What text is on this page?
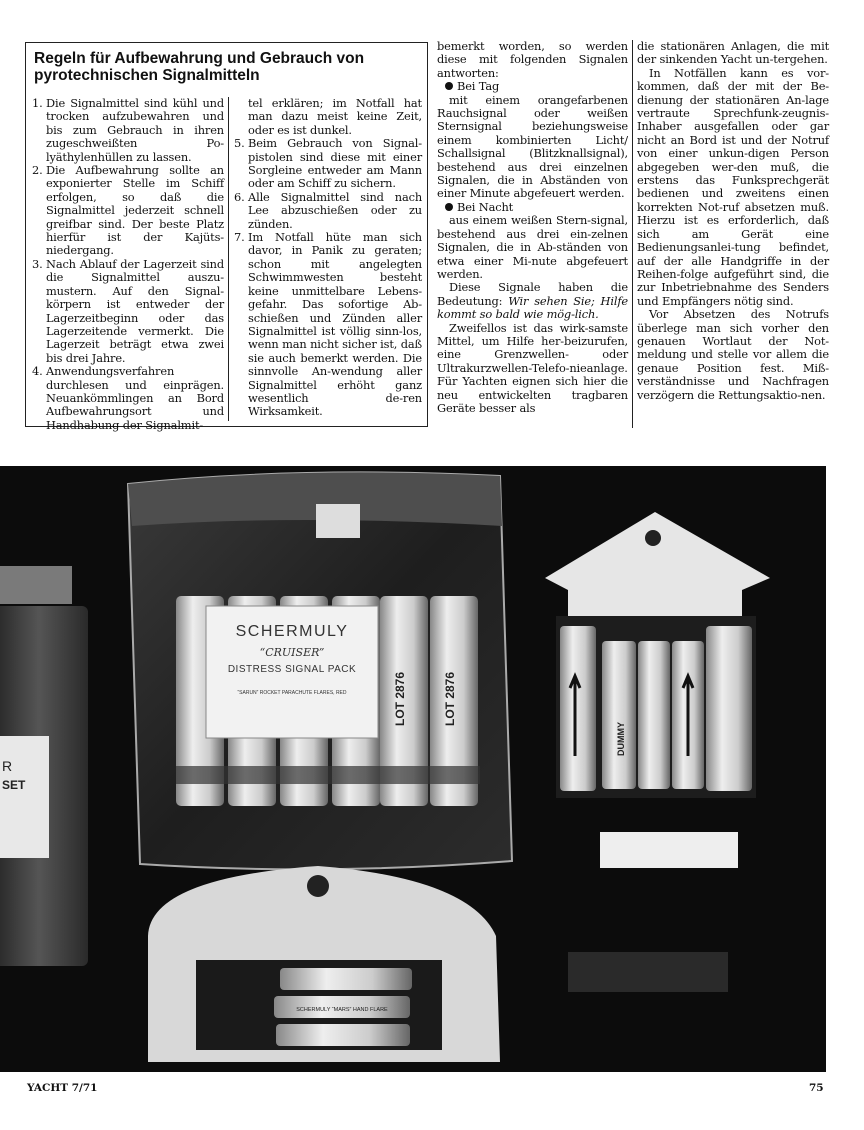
Regeln für Aufbewahrung und Gebrauch von pyrotechnischen Signalmitteln
1. Die Signalmittel sind kühl und trocken aufzubewahren und bis zum Gebrauch in ihren zugeschweißten Po-lyäthylenhüllen zu lassen.
2. Die Aufbewahrung sollte an exponierter Stelle im Schiff erfolgen, so daß die Signalmittel jederzeit schnell greifbar sind. Der beste Platz hierfür ist der Kajüts-niedergang.
3. Nach Ablauf der Lagerzeit sind die Signalmittel auszu-mustern. Auf den Signal-körpern ist entweder der Lagerzeitbeginn oder das Lagerzeitende vermerkt. Die Lagerzeit beträgt etwa zwei bis drei Jahre.
4. Anwendungsverfahren durchlesen und einprägen. Neuankömmlingen an Bord Aufbewahrungsort und Handhabung der Signalmit-

tel erklären; im Notfall hat man dazu meist keine Zeit, oder es ist dunkel.

5. Beim Gebrauch von Signal-pistolen sind diese mit einer Sorgleine entweder am Mann oder am Schiff zu sichern.
6. Alle Signalmittel sind nach Lee abzuschießen oder zu zünden.
7. Im Notfall hüte man sich davor, in Panik zu geraten; schon mit angelegten Schwimmwesten besteht keine unmittelbare Lebens-gefahr. Das sofortige Ab-schießen und Zünden aller Signalmittel ist völlig sinn-los, wenn man nicht sicher ist, daß sie auch bemerkt werden. Die sinnvolle An-wendung aller Signalmittel erhöht ganz wesentlich de-ren Wirksamkeit.

bemerkt worden, so werden diese mit folgenden Signalen antworten:

Bei Tag

mit einem orangefarbenen Rauchsignal oder weißen Sternsignal beziehungsweise einem kombinierten Licht/ Schallsignal (Blitzknallsignal), bestehend aus drei einzelnen Signalen, die in Abständen von einer Minute abgefeuert werden.

Bei Nacht

aus einem weißen Stern-signal, bestehend aus drei ein-zelnen Signalen, die in Ab-ständen von etwa einer Mi-nute abgefeuert werden.

Diese Signale haben die Bedeutung: Wir sehen Sie; Hilfe kommt so bald wie mög-lich.

Zweifellos ist das wirk-samste Mittel, um Hilfe her-beizurufen, eine Grenzwellen- oder Ultrakurzwellen-Telefo-nieanlage. Für Yachten eignen sich hier die neu entwickelten tragbaren Geräte besser als

die stationären Anlagen, die mit der sinkenden Yacht un-tergehen.

In Notfällen kann es vor-kommen, daß der mit der Be-dienung der stationären An-lage vertraute Sprechfunk-zeugnis-Inhaber ausgefallen oder gar nicht an Bord ist und der Notruf von einer unkun-digen Person abgegeben wer-den muß, die erstens das Funksprechgerät bedienen und zweitens einen korrekten Not-ruf absetzen muß. Hierzu ist es erforderlich, daß sich am Gerät eine Bedienungsanlei-tung befindet, auf der alle Handgriffe in der Reihen-folge aufgeführt sind, die zur Inbetriebnahme des Senders und Empfängers nötig sind.

Vor Absetzen des Notrufs überlege man sich vorher den genauen Wortlaut der Not-meldung und stelle vor allem die genaue Position fest. Miß-verständnisse und Nachfragen verzögern die Rettungsaktio-nen.

R
SET
SCHERMULY
“CRUISER”
DISTRESS SIGNAL PACK
“SARUN” ROCKET PARACHUTE FLARES, RED	LOT 2876	LOT 2876
DUMMY
SCHERMULY “MARS” HAND FLARE
YACHT 7/71	75
